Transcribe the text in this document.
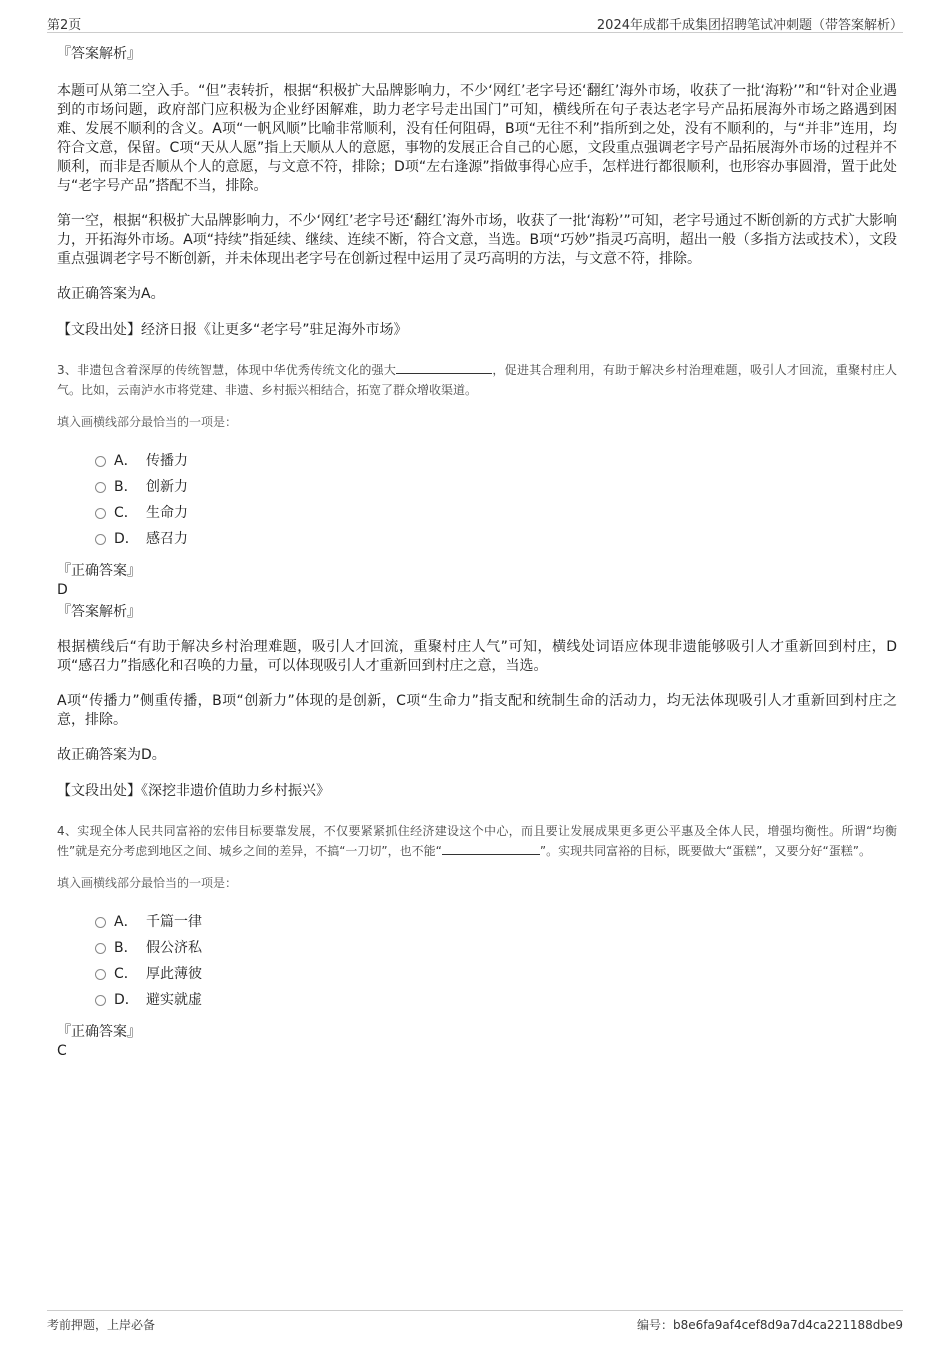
第2页	2024年成都千成集团招聘笔试冲刺题（带答案解析）

『答案解析』

本题可从第二空入手。“但”表转折，根据“积极扩大品牌影响力，不少‘网红’老字号还‘翻红’海外市场，收获了一批‘海粉’”和“针对企业遇到的市场问题，政府部门应积极为企业纾困解难，助力老字号走出国门”可知，横线所在句子表达老字号产品拓展海外市场之路遇到困难、发展不顺利的含义。A项“一帆风顺”比喻非常顺利，没有任何阻碍，B项“无往不利”指所到之处，没有不顺利的，与“并非”连用，均符合文意，保留。C项“天从人愿”指上天顺从人的意愿，事物的发展正合自己的心愿，文段重点强调老字号产品拓展海外市场的过程并不顺利，而非是否顺从个人的意愿，与文意不符，排除；D项“左右逢源”指做事得心应手，怎样进行都很顺利，也形容办事圆滑，置于此处与“老字号产品”搭配不当，排除。

第一空，根据“积极扩大品牌影响力，不少‘网红’老字号还‘翻红’海外市场，收获了一批‘海粉’”可知，老字号通过不断创新的方式扩大影响力，开拓海外市场。A项“持续”指延续、继续、连续不断，符合文意，当选。B项“巧妙”指灵巧高明，超出一般（多指方法或技术），文段重点强调老字号不断创新，并未体现出老字号在创新过程中运用了灵巧高明的方法，与文意不符，排除。

故正确答案为A。

【文段出处】经济日报《让更多“老字号”驻足海外市场》

3、非遗包含着深厚的传统智慧，体现中华优秀传统文化的强大	，促进其合理利用，有助于解决乡村治理难题，吸引人才回流，重聚村庄人气。比如，云南泸水市将党建、非遗、乡村振兴相结合，拓宽了群众增收渠道。

填入画横线部分最恰当的一项是：

A． 传播力
B． 创新力
C． 生命力
D． 感召力

『正确答案』

D

『答案解析』

根据横线后“有助于解决乡村治理难题，吸引人才回流，重聚村庄人气”可知，横线处词语应体现非遗能够吸引人才重新回到村庄，D项“感召力”指感化和召唤的力量，可以体现吸引人才重新回到村庄之意，当选。

A项“传播力”侧重传播，B项“创新力”体现的是创新，C项“生命力”指支配和统制生命的活动力，均无法体现吸引人才重新回到村庄之意，排除。

故正确答案为D。

【文段出处】《深挖非遗价值助力乡村振兴》

4、实现全体人民共同富裕的宏伟目标要靠发展，不仅要紧紧抓住经济建设这个中心，而且要让发展成果更多更公平惠及全体人民，增强均衡性。所谓“均衡性”就是充分考虑到地区之间、城乡之间的差异，不搞“一刀切”，也不能“	”。实现共同富裕的目标，既要做大“蛋糕”，又要分好“蛋糕”。

填入画横线部分最恰当的一项是：

A． 千篇一律
B． 假公济私
C． 厚此薄彼
D． 避实就虚

『正确答案』

C

考前押题，上岸必备	编号：b8e6fa9af4cef8d9a7d4ca221188dbe9
